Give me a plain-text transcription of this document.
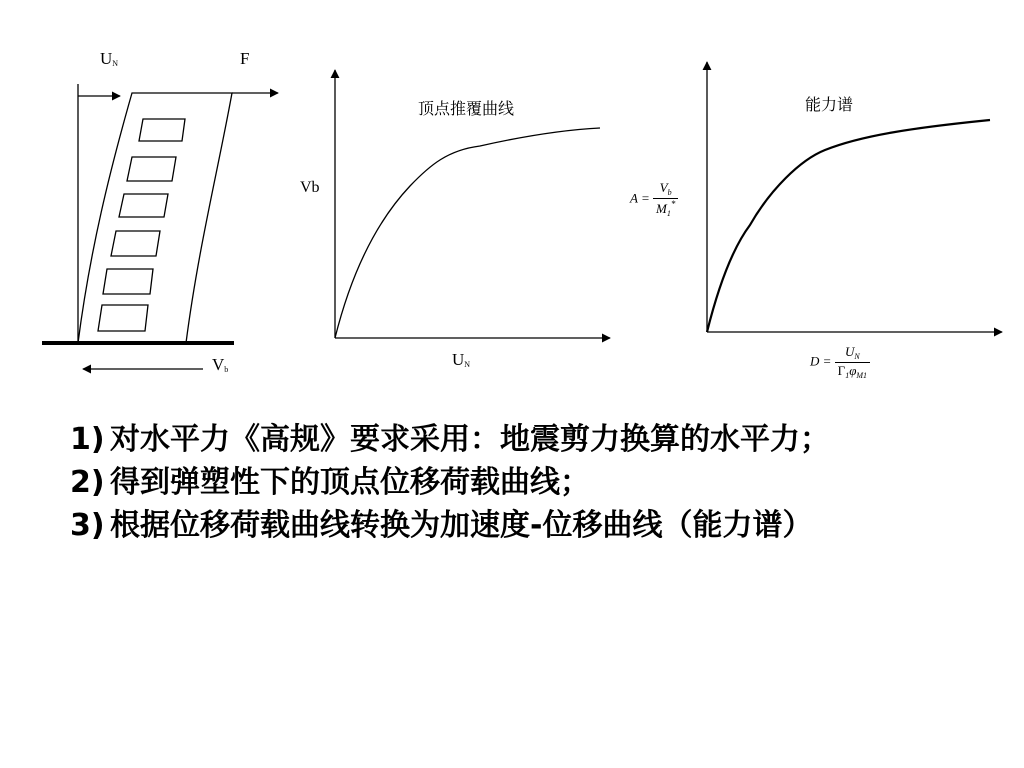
$U_N$	F
$V_b$
顶点推覆曲线
Vb
$U_N$
能力谱
$A = \frac{V_b}{M_1^*}$
$D = \frac{U_N}{\Gamma_1\varphi_{M1}}$
1) 对水平力《高规》要求采用：地震剪力换算的水平力；
2) 得到弹塑性下的顶点位移荷载曲线；
3) 根据位移荷载曲线转换为加速度-位移曲线（能力谱）
